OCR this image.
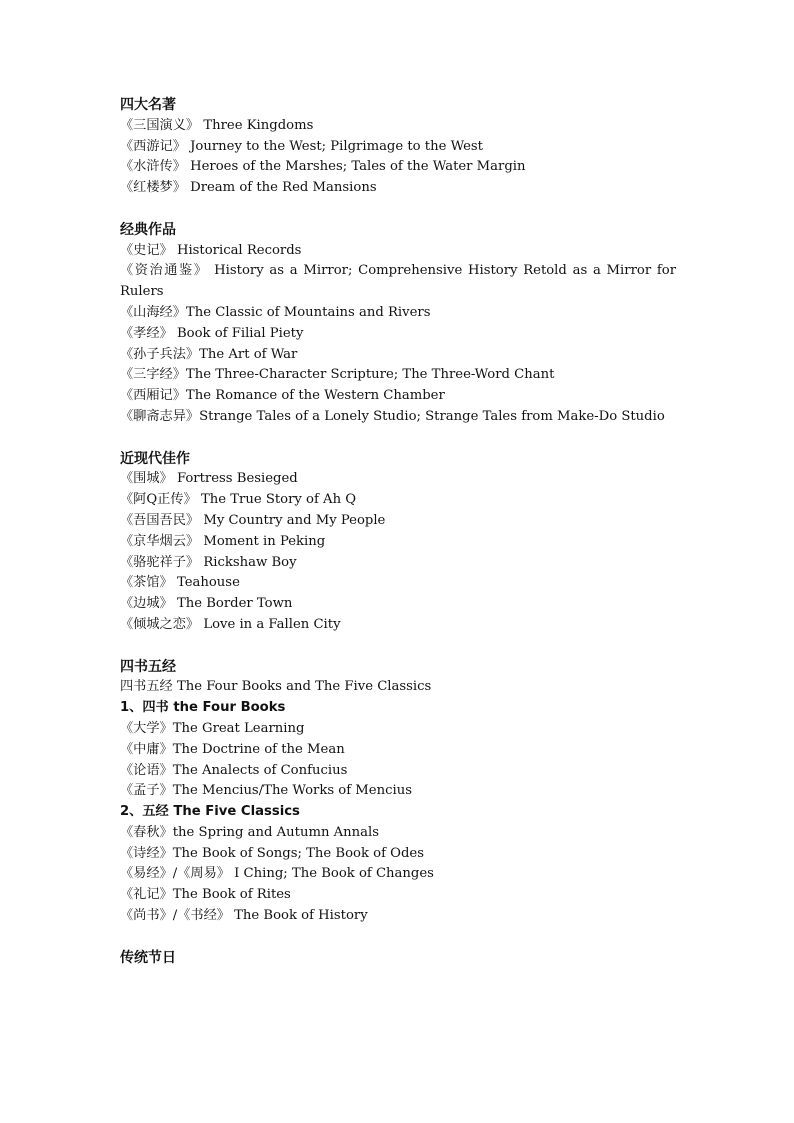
四大名著
《三国演义》 Three Kingdoms
《西游记》 Journey to the West; Pilgrimage to the West
《水浒传》 Heroes of the Marshes; Tales of the Water Margin
《红楼梦》 Dream of the Red Mansions
经典作品
《史记》 Historical Records
《资治通鉴》 History as a Mirror; Comprehensive History Retold as a Mirror for Rulers
《山海经》The Classic of Mountains and Rivers
《孝经》 Book of Filial Piety
《孙子兵法》The Art of War
《三字经》The Three-Character Scripture; The Three-Word Chant
《西厢记》The Romance of the Western Chamber
《聊斋志异》Strange Tales of a Lonely Studio; Strange Tales from Make-Do Studio
近现代佳作
《围城》 Fortress Besieged
《阿Q正传》 The True Story of Ah Q
《吾国吾民》 My Country and My People
《京华烟云》 Moment in Peking
《骆驼祥子》 Rickshaw Boy
《茶馆》 Teahouse
《边城》 The Border Town
《倾城之恋》 Love in a Fallen City
四书五经
四书五经 The Four Books and The Five Classics
1、四书 the Four Books
《大学》The Great Learning
《中庸》The Doctrine of the Mean
《论语》The Analects of Confucius
《孟子》The Mencius/The Works of Mencius
2、五经 The Five Classics
《春秋》the Spring and Autumn Annals
《诗经》The Book of Songs; The Book of Odes
《易经》/《周易》 I Ching; The Book of Changes
《礼记》The Book of Rites
《尚书》/《书经》 The Book of History
传统节日
